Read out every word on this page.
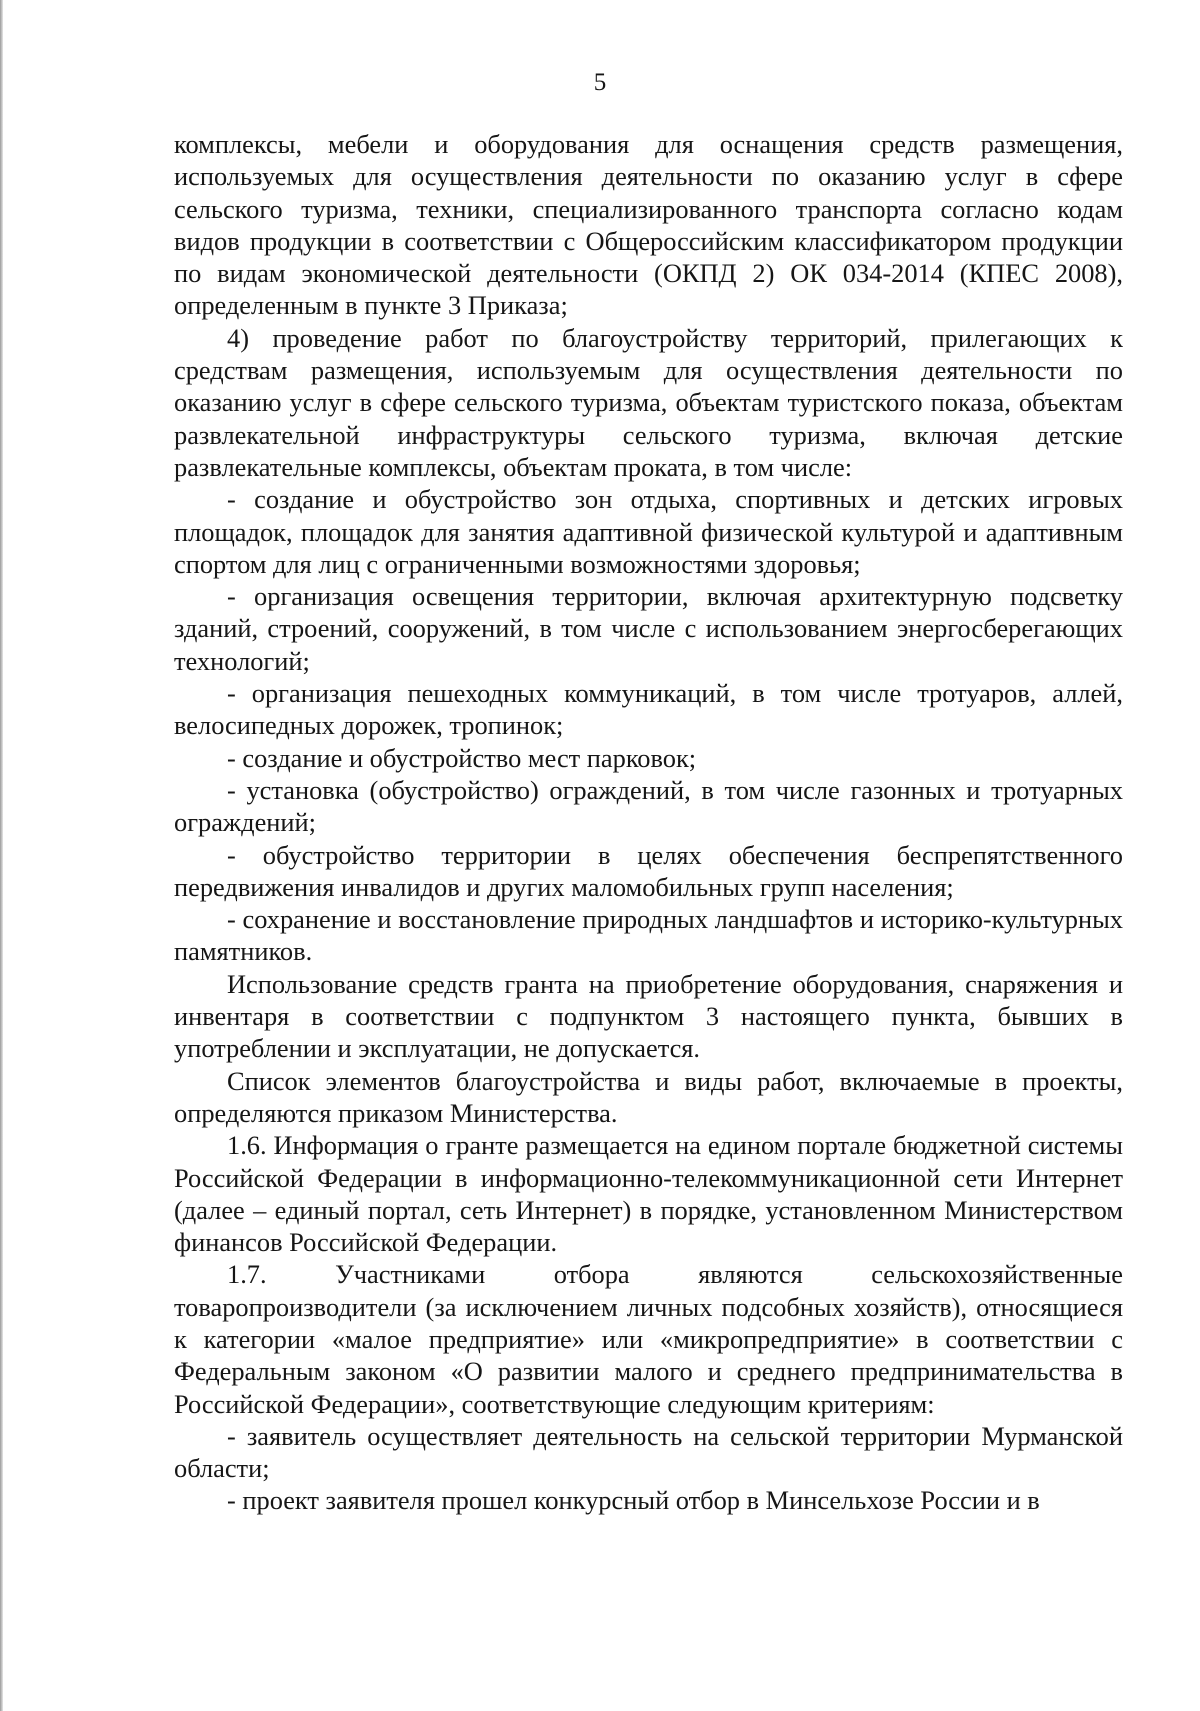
5

комплексы, мебели и оборудования для оснащения средств размещения, используемых для осуществления деятельности по оказанию услуг в сфере сельского туризма, техники, специализированного транспорта согласно кодам видов продукции в соответствии с Общероссийским классификатором продукции по видам экономической деятельности (ОКПД 2) ОК 034-2014 (КПЕС 2008), определенным в пункте 3 Приказа;

4) проведение работ по благоустройству территорий, прилегающих к средствам размещения, используемым для осуществления деятельности по оказанию услуг в сфере сельского туризма, объектам туристского показа, объектам развлекательной инфраструктуры сельского туризма, включая детские развлекательные комплексы, объектам проката, в том числе:

- создание и обустройство зон отдыха, спортивных и детских игровых площадок, площадок для занятия адаптивной физической культурой и адаптивным спортом для лиц с ограниченными возможностями здоровья;

- организация освещения территории, включая архитектурную подсветку зданий, строений, сооружений, в том числе с использованием энергосберегающих технологий;

- организация пешеходных коммуникаций, в том числе тротуаров, аллей, велосипедных дорожек, тропинок;

- создание и обустройство мест парковок;

- установка (обустройство) ограждений, в том числе газонных и тротуарных ограждений;

- обустройство территории в целях обеспечения беспрепятственного передвижения инвалидов и других маломобильных групп населения;

- сохранение и восстановление природных ландшафтов и историко-культурных памятников.

Использование средств гранта на приобретение оборудования, снаряжения и инвентаря в соответствии с подпунктом 3 настоящего пункта, бывших в употреблении и эксплуатации, не допускается.

Список элементов благоустройства и виды работ, включаемые в проекты, определяются приказом Министерства.

1.6. Информация о гранте размещается на едином портале бюджетной системы Российской Федерации в информационно-телекоммуникационной сети Интернет (далее – единый портал, сеть Интернет) в порядке, установленном Министерством финансов Российской Федерации.

1.7. Участниками отбора являются сельскохозяйственные товаропроизводители (за исключением личных подсобных хозяйств), относящиеся к категории «малое предприятие» или «микропредприятие» в соответствии с Федеральным законом «О развитии малого и среднего предпринимательства в Российской Федерации», соответствующие следующим критериям:

- заявитель осуществляет деятельность на сельской территории Мурманской области;

- проект заявителя прошел конкурсный отбор в Минсельхозе России и в
